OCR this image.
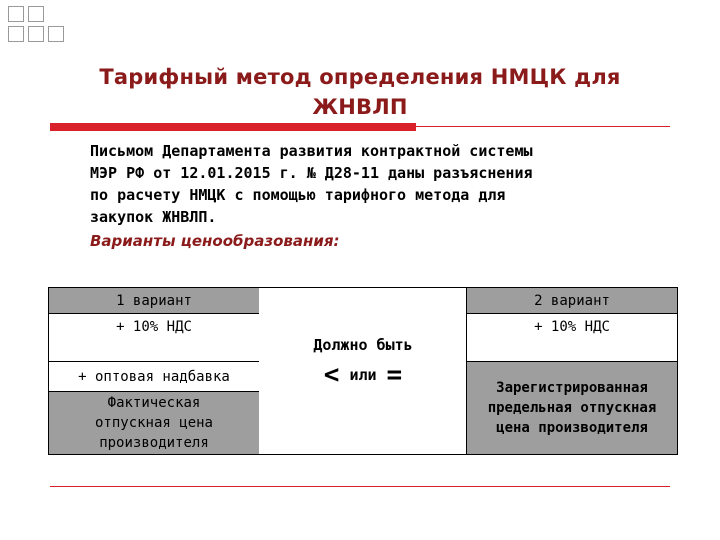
Тарифный метод определения НМЦК для
ЖНВЛП
Письмом Департамента развития контрактной системы
МЭР РФ от 12.01.2015 г. № Д28-11 даны разъяснения
по расчету НМЦК с помощью тарифного метода для
закупок ЖНВЛП.
Варианты ценообразования:
1 вариант
+ 10% НДС
+ оптовая надбавка
Фактическая отпускная цена производителя
Должно быть
< или =
2 вариант
+ 10% НДС
Зарегистрированная предельная отпускная цена производителя
